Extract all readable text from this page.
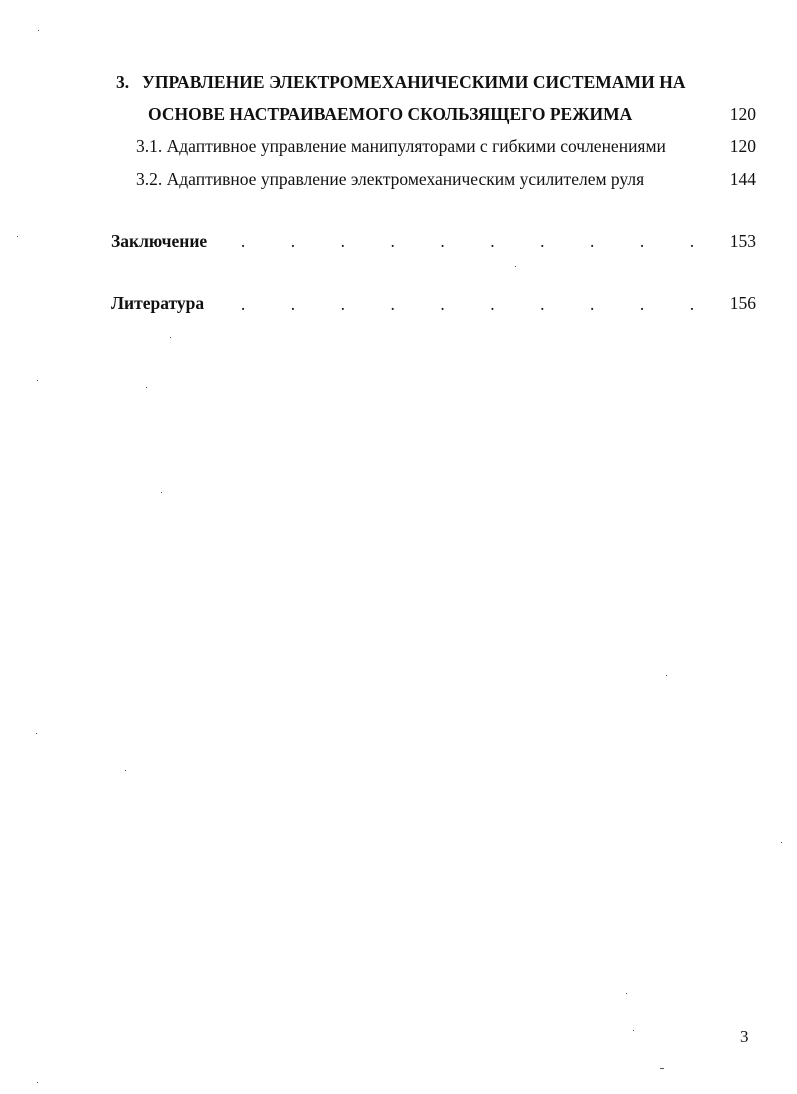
3. УПРАВЛЕНИЕ ЭЛЕКТРОМЕХАНИЧЕСКИМИ СИСТЕМАМИ НА
ОСНОВЕ НАСТРАИВАЕМОГО СКОЛЬЗЯЩЕГО РЕЖИМА	120
3.1. Адаптивное управление манипуляторами с гибкими сочленениями	120
3.2. Адаптивное управление электромеханическим усилителем руля	144
Заключение .	.	.	.	.	.	.	.	.	.	153
Литература .	.	.	.	.	.	.	.	.	.	156
3
